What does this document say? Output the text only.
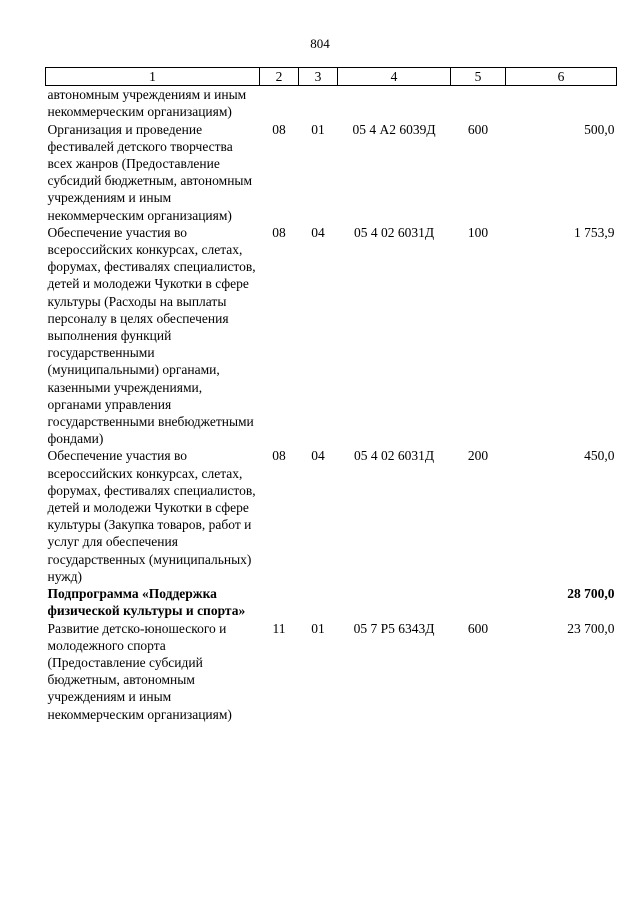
804
1	2	3	4	5	6
автономным учреждениям и иным некоммерческим организациям)					
Организация и проведение фестивалей детского творчества всех жанров (Предоставление субсидий бюджетным, автономным учреждениям и иным некоммерческим организациям)	08	01	05 4 А2 6039Д	600	500,0
Обеспечение участия во всероссийских конкурсах, слетах, форумах, фестивалях специалистов, детей и молодежи Чукотки в сфере культуры (Расходы на выплаты персоналу в целях обеспечения выполнения функций государственными (муниципальными) органами, казенными учреждениями, органами управления государственными внебюджетными фондами)	08	04	05 4 02 6031Д	100	1 753,9
Обеспечение участия во всероссийских конкурсах, слетах, форумах, фестивалях специалистов, детей и молодежи Чукотки в сфере культуры (Закупка товаров, работ и услуг для обеспечения государственных (муниципальных) нужд)	08	04	05 4 02 6031Д	200	450,0
Подпрограмма «Поддержка физической культуры и спорта»					28 700,0
Развитие детско-юношеского и молодежного спорта (Предоставление субсидий бюджетным, автономным учреждениям и иным некоммерческим организациям)	11	01	05 7 Р5 6343Д	600	23 700,0
